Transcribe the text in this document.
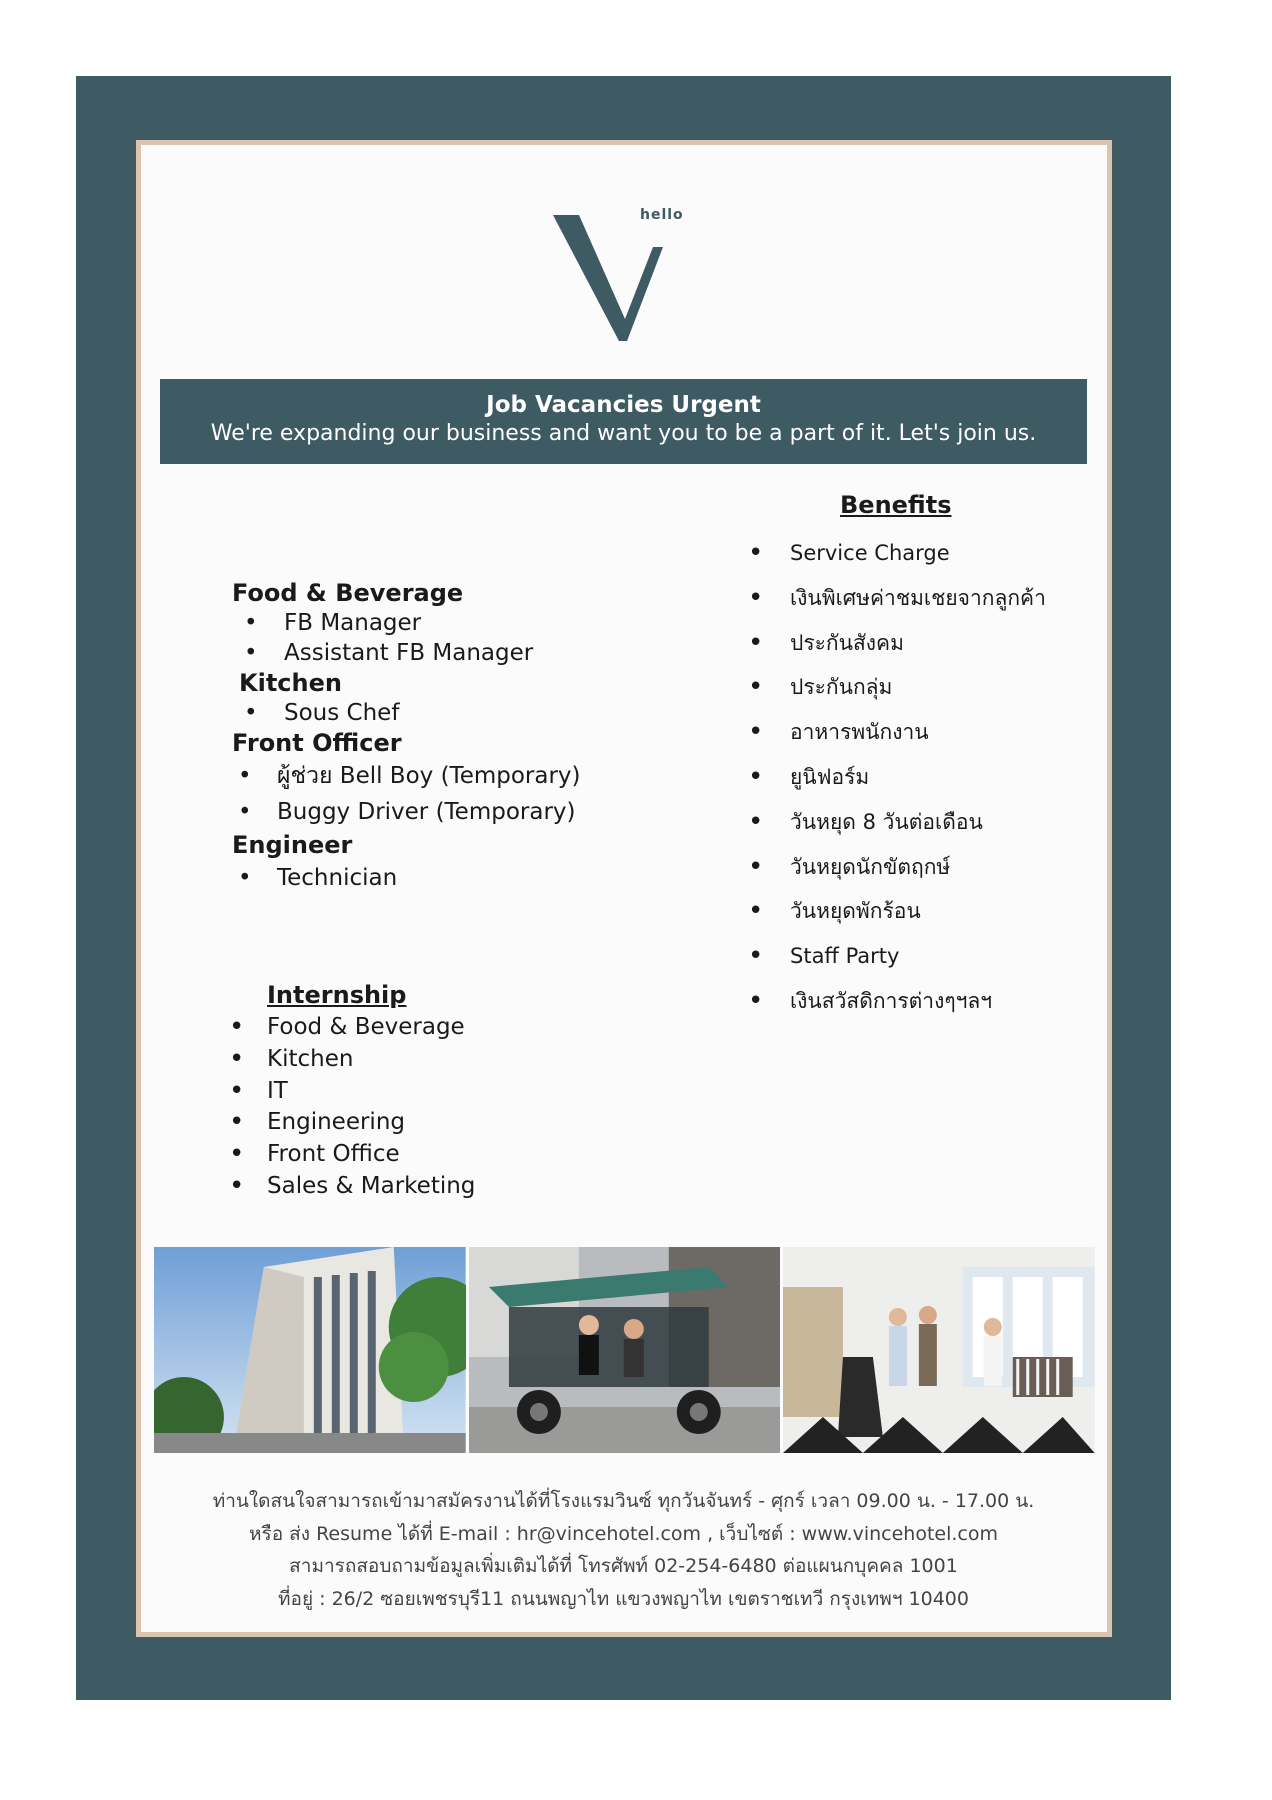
hello
Job Vacancies Urgent
We're expanding our business and want you to be a part of it. Let's join us.
Food & Beverage
• FB Manager
• Assistant FB Manager
Kitchen
• Sous Chef
Front Officer
• ผู้ช่วย Bell Boy (Temporary)
• Buggy Driver (Temporary)
Engineer
• Technician
Internship
• Food & Beverage
• Kitchen
• IT
• Engineering
• Front Office
• Sales & Marketing
Benefits
• Service Charge
• เงินพิเศษค่าชมเชยจากลูกค้า
• ประกันสังคม
• ประกันกลุ่ม
• อาหารพนักงาน
• ยูนิฟอร์ม
• วันหยุด 8 วันต่อเดือน
• วันหยุดนักขัตฤกษ์
• วันหยุดพักร้อน
• Staff Party
• เงินสวัสดิการต่างๆฯลฯ
ท่านใดสนใจสามารถเข้ามาสมัครงานได้ที่โรงแรมวินซ์ ทุกวันจันทร์ - ศุกร์ เวลา 09.00 น. - 17.00 น.
หรือ ส่ง Resume ได้ที่ E-mail : hr@vincehotel.com , เว็บไซต์ : www.vincehotel.com
สามารถสอบถามข้อมูลเพิ่มเติมได้ที่ โทรศัพท์ 02-254-6480 ต่อแผนกบุคคล 1001
ที่อยู่ : 26/2 ซอยเพชรบุรี11 ถนนพญาไท แขวงพญาไท เขตราชเทวี กรุงเทพฯ 10400
